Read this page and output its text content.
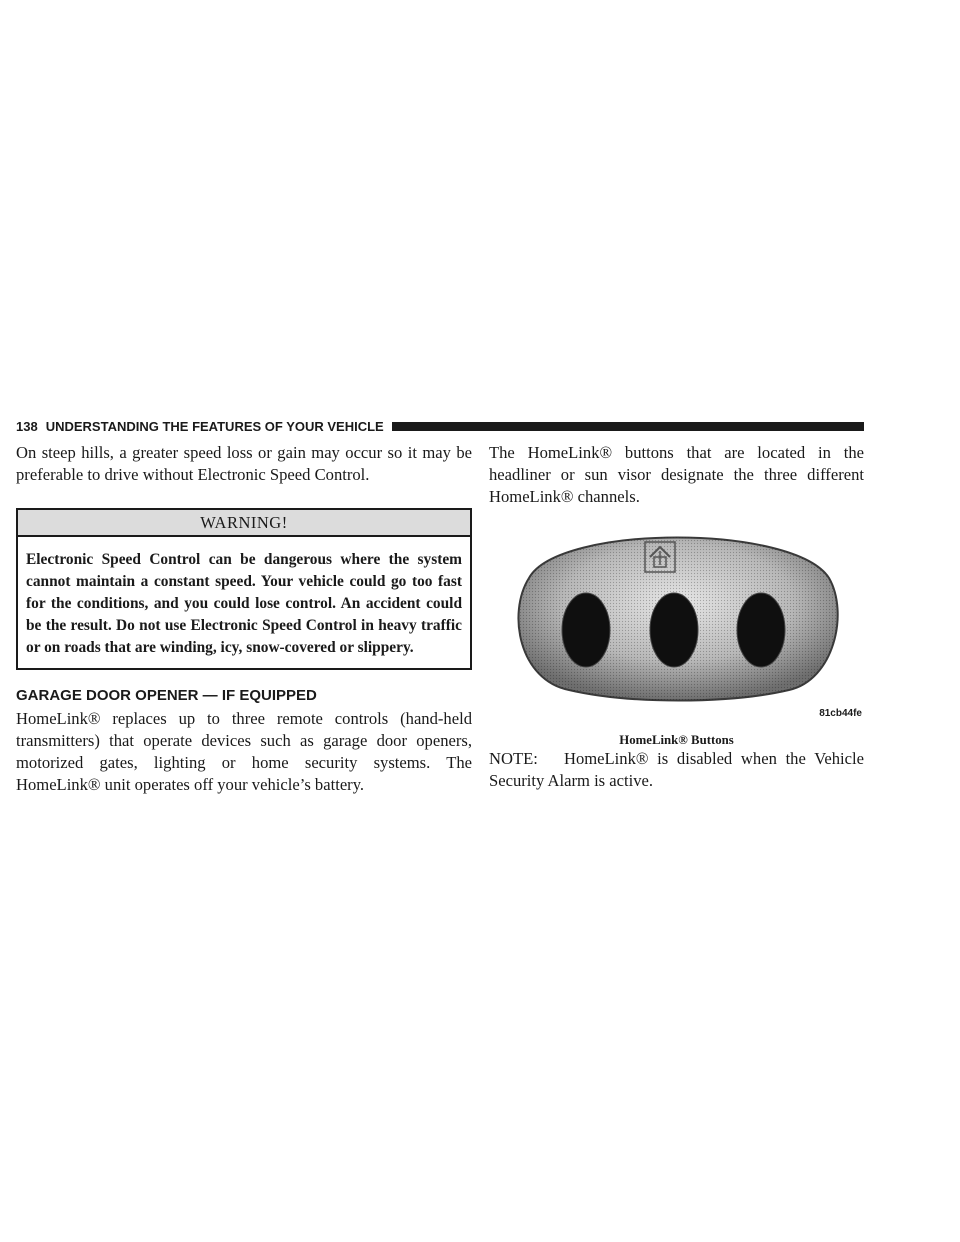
138 UNDERSTANDING THE FEATURES OF YOUR VEHICLE

On steep hills, a greater speed loss or gain may occur so it may be preferable to drive without Electronic Speed Control.

WARNING!
Electronic Speed Control can be dangerous where the system cannot maintain a constant speed. Your vehicle could go too fast for the conditions, and you could lose control. An accident could be the result. Do not use Electronic Speed Control in heavy traffic or on roads that are winding, icy, snow-covered or slippery.
GARAGE DOOR OPENER — IF EQUIPPED

HomeLink® replaces up to three remote controls (hand-held transmitters) that operate devices such as garage door openers, motorized gates, lighting or home security systems. The HomeLink® unit operates off your vehicle’s battery.

The HomeLink® buttons that are located in the headliner or sun visor designate the three different HomeLink® channels.

81cb44fe
HomeLink® Buttons

NOTE: HomeLink® is disabled when the Vehicle Security Alarm is active.
